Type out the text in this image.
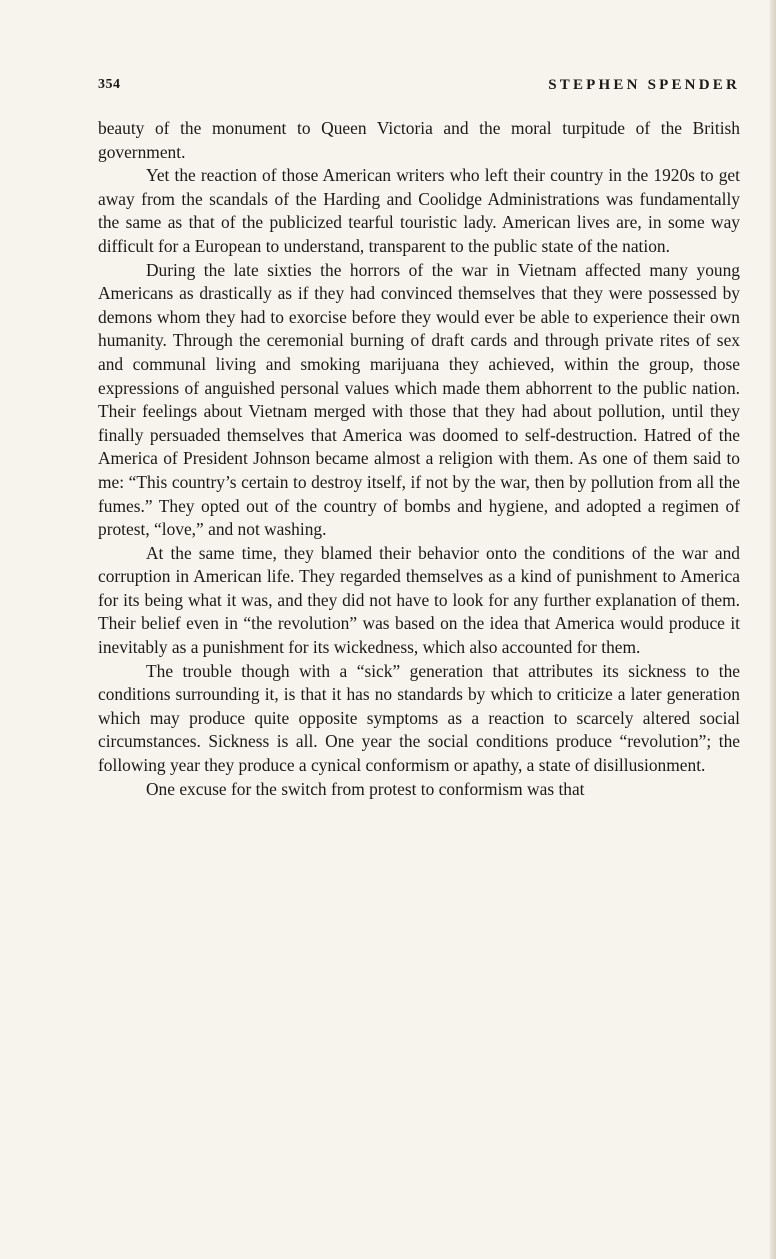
354	STEPHEN SPENDER

beauty of the monument to Queen Victoria and the moral turpitude of the British government.

Yet the reaction of those American writers who left their country in the 1920s to get away from the scandals of the Harding and Coolidge Administrations was fundamentally the same as that of the publicized tearful touristic lady. American lives are, in some way difficult for a European to understand, transparent to the public state of the nation.

During the late sixties the horrors of the war in Vietnam affected many young Americans as drastically as if they had convinced themselves that they were possessed by demons whom they had to exorcise before they would ever be able to experience their own humanity. Through the ceremonial burning of draft cards and through private rites of sex and communal living and smoking marijuana they achieved, within the group, those expressions of anguished personal values which made them abhorrent to the public nation. Their feelings about Vietnam merged with those that they had about pollution, until they finally persuaded themselves that America was doomed to self-destruction. Hatred of the America of President Johnson became almost a religion with them. As one of them said to me: “This country’s certain to destroy itself, if not by the war, then by pollution from all the fumes.” They opted out of the country of bombs and hygiene, and adopted a regimen of protest, “love,” and not washing.

At the same time, they blamed their behavior onto the conditions of the war and corruption in American life. They regarded themselves as a kind of punishment to America for its being what it was, and they did not have to look for any further explanation of them. Their belief even in “the revolution” was based on the idea that America would produce it inevitably as a punishment for its wickedness, which also accounted for them.

The trouble though with a “sick” generation that attributes its sickness to the conditions surrounding it, is that it has no standards by which to criticize a later generation which may produce quite opposite symptoms as a reaction to scarcely altered social circumstances. Sickness is all. One year the social conditions produce “revolution”; the following year they produce a cynical conformism or apathy, a state of disillusionment.

One excuse for the switch from protest to conformism was that
